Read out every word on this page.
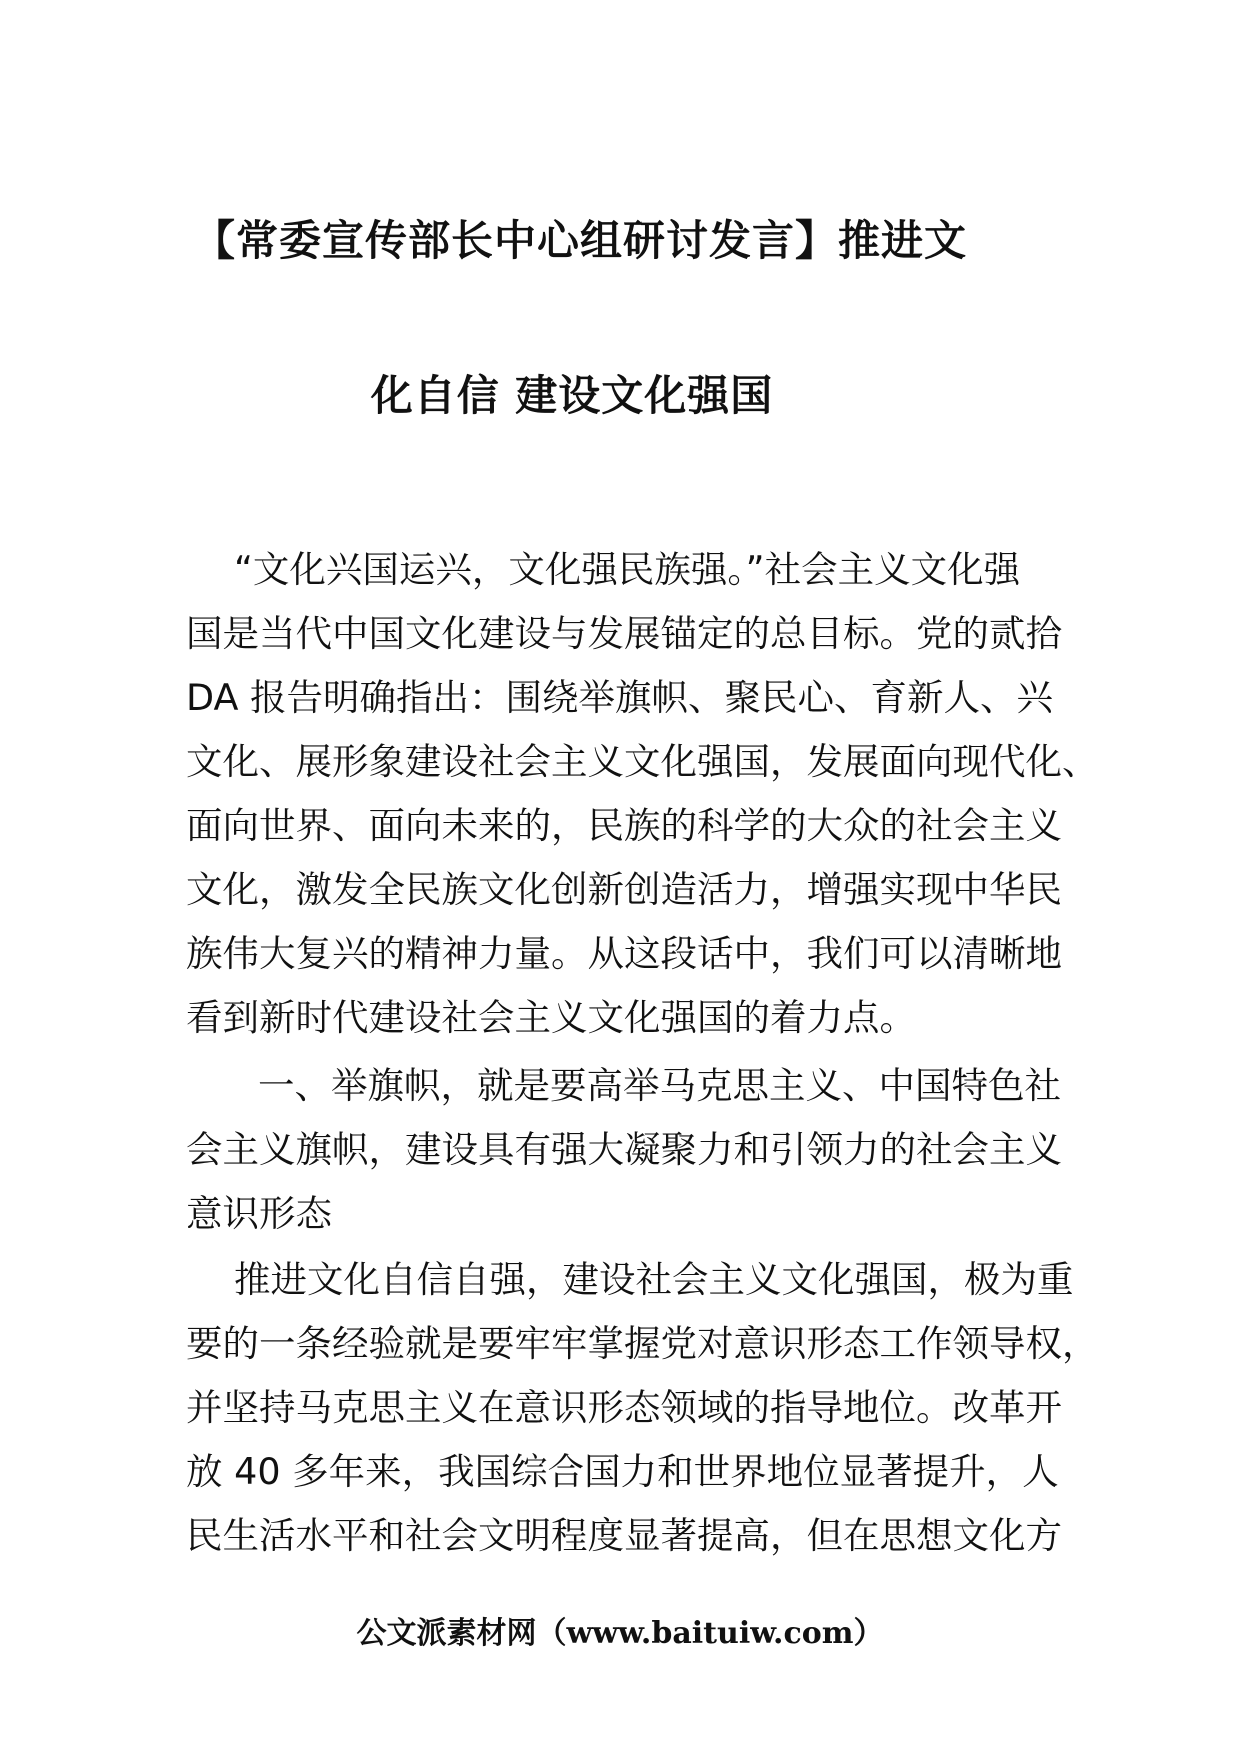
【常委宣传部长中心组研讨发言】推进文
化自信 建设文化强国
“文化兴国运兴，文化强民族强。”社会主义文化强
国是当代中国文化建设与发展锚定的总目标。党的贰拾
DA 报告明确指出：围绕举旗帜、聚民心、育新人、兴
文化、展形象建设社会主义文化强国，发展面向现代化、
面向世界、面向未来的，民族的科学的大众的社会主义
文化，激发全民族文化创新创造活力，增强实现中华民
族伟大复兴的精神力量。从这段话中，我们可以清晰地
看到新时代建设社会主义文化强国的着力点。
一、举旗帜，就是要高举马克思主义、中国特色社
会主义旗帜，建设具有强大凝聚力和引领力的社会主义
意识形态
推进文化自信自强，建设社会主义文化强国，极为重
要的一条经验就是要牢牢掌握党对意识形态工作领导权，
并坚持马克思主义在意识形态领域的指导地位。改革开
放 40 多年来，我国综合国力和世界地位显著提升，人
民生活水平和社会文明程度显著提高，但在思想文化方
公文派素材网（www.baituiw.com）
